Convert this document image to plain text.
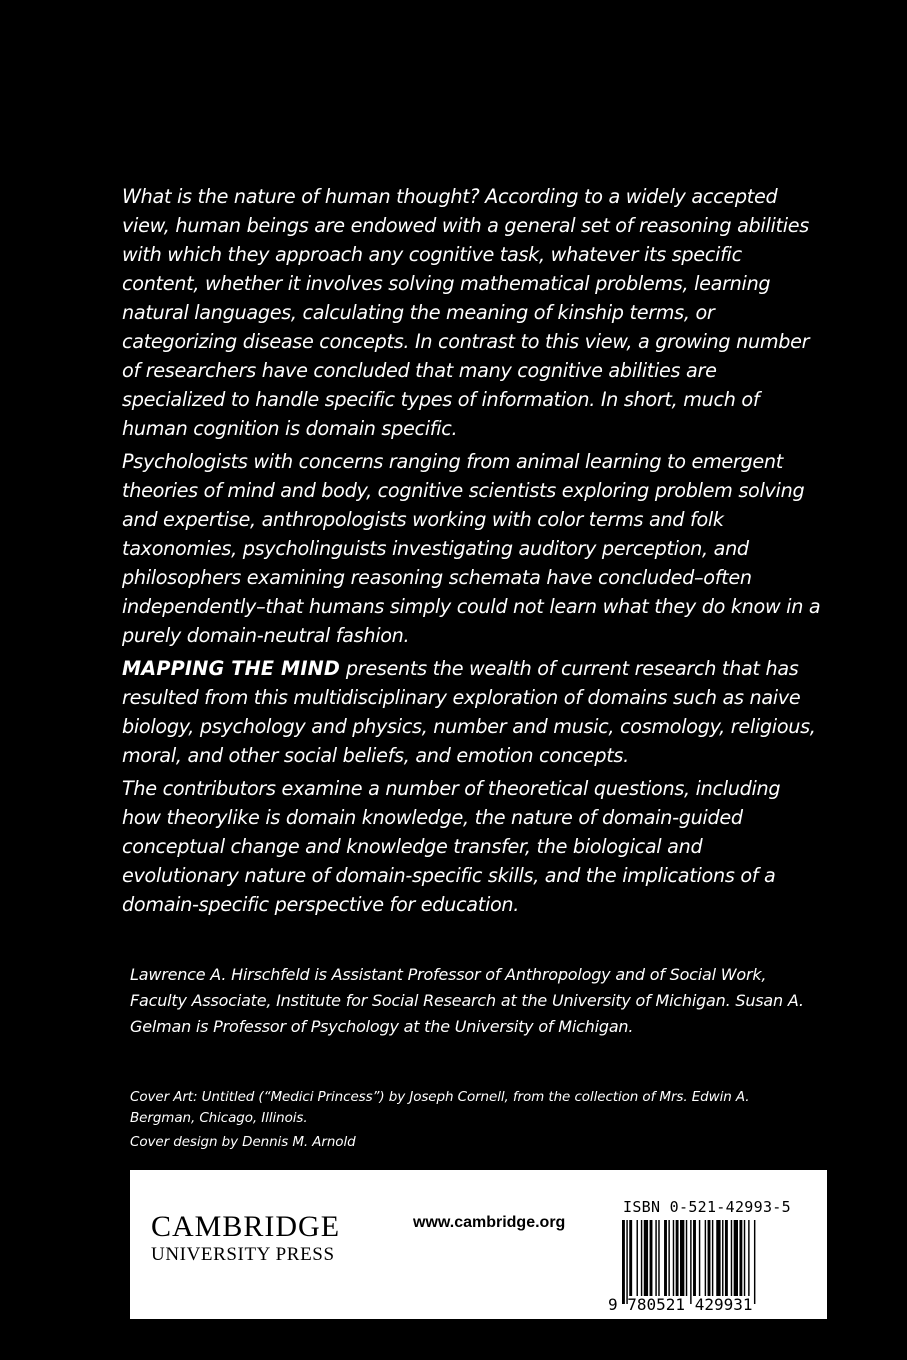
What is the nature of human thought? According to a widely accepted view, human beings are endowed with a general set of reasoning abilities with which they approach any cognitive task, whatever its specific content, whether it involves solving mathematical problems, learning natural languages, calculating the meaning of kinship terms, or categorizing disease concepts. In contrast to this view, a growing number of researchers have concluded that many cognitive abilities are specialized to handle specific types of information. In short, much of human cognition is domain specific.

Psychologists with concerns ranging from animal learning to emergent theories of mind and body, cognitive scientists exploring problem solving and expertise, anthropologists working with color terms and folk taxonomies, psycholinguists investigating auditory perception, and philosophers examining reasoning schemata have concluded–often independently–that humans simply could not learn what they do know in a purely domain-neutral fashion.

MAPPING THE MIND presents the wealth of current research that has resulted from this multidisciplinary exploration of domains such as naive biology, psychology and physics, number and music, cosmology, religious, moral, and other social beliefs, and emotion concepts.

The contributors examine a number of theoretical questions, including how theorylike is domain knowledge, the nature of domain-guided conceptual change and knowledge transfer, the biological and evolutionary nature of domain-specific skills, and the implications of a domain-specific perspective for education.

Lawrence A. Hirschfeld is Assistant Professor of Anthropology and of Social Work, Faculty Associate, Institute for Social Research at the University of Michigan. Susan A. Gelman is Professor of Psychology at the University of Michigan.

Cover Art: Untitled (“Medici Princess”) by Joseph Cornell, from the collection of Mrs. Edwin A. Bergman, Chicago, Illinois.

Cover design by Dennis M. Arnold

CAMBRIDGE
UNIVERSITY PRESS
www.cambridge.org
ISBN 0-521-42993-5
9 780521 429931
